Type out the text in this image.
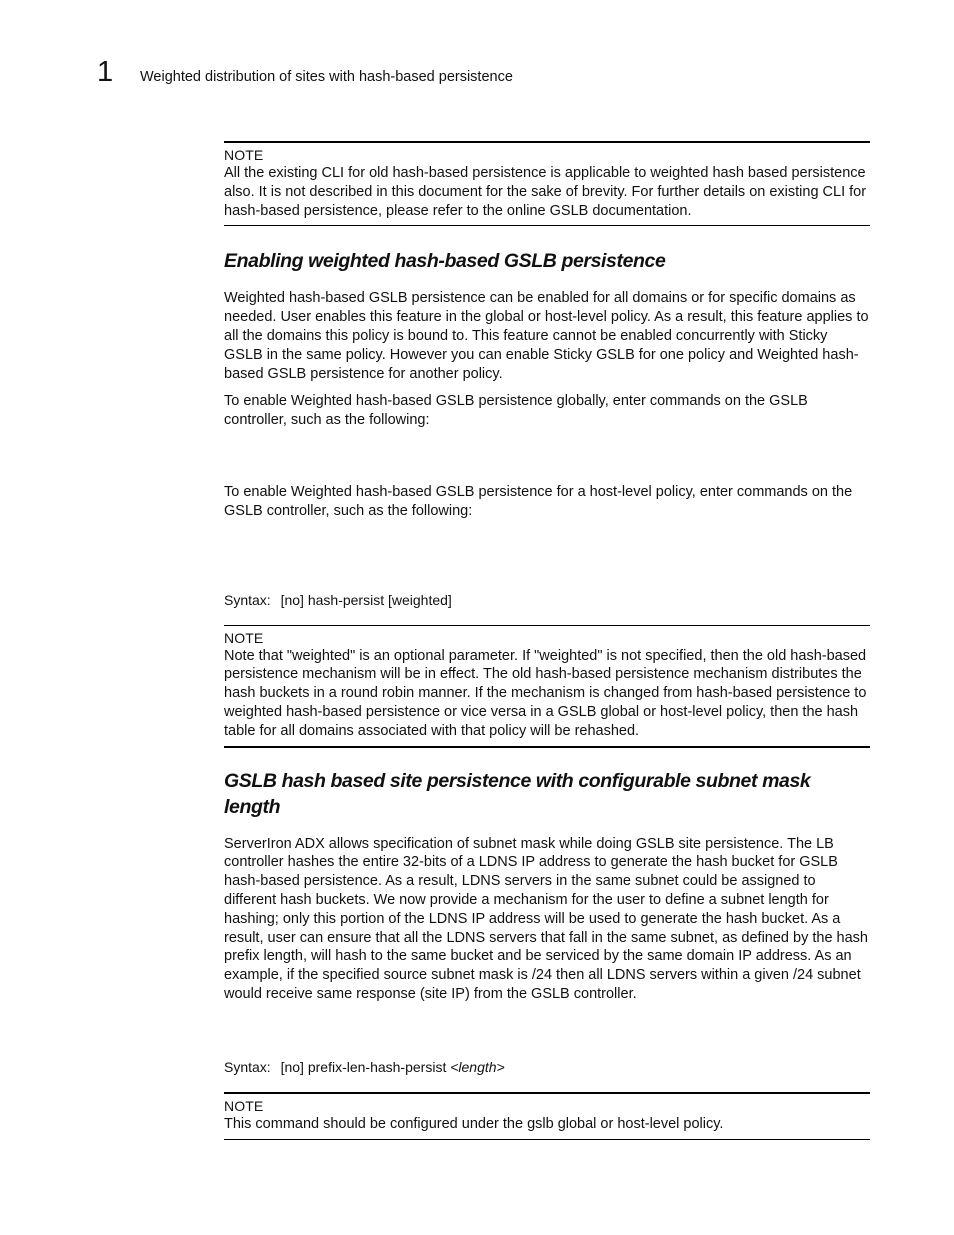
1	Weighted distribution of sites with hash-based persistence
NOTE

All the existing CLI for old hash-based persistence is applicable to weighted hash based persistence also. It is not described in this document for the sake of brevity. For further details on existing CLI for hash-based persistence, please refer to the online GSLB documentation.

Enabling weighted hash-based GSLB persistence

Weighted hash-based GSLB persistence can be enabled for all domains or for specific domains as needed. User enables this feature in the global or host-level policy. As a result, this feature applies to all the domains this policy is bound to. This feature cannot be enabled concurrently with Sticky GSLB in the same policy. However you can enable Sticky GSLB for one policy and Weighted hash-based GSLB persistence for another policy.

To enable Weighted hash-based GSLB persistence globally, enter commands on the GSLB controller, such as the following:

To enable Weighted hash-based GSLB persistence for a host-level policy, enter commands on the GSLB controller, such as the following:

Syntax: [no] hash-persist [weighted]
NOTE

Note that "weighted" is an optional parameter. If "weighted" is not specified, then the old hash-based persistence mechanism will be in effect. The old hash-based persistence mechanism distributes the hash buckets in a round robin manner. If the mechanism is changed from hash-based persistence to weighted hash-based persistence or vice versa in a GSLB global or host-level policy, then the hash table for all domains associated with that policy will be rehashed.

GSLB hash based site persistence with configurable subnet mask length

ServerIron ADX allows specification of subnet mask while doing GSLB site persistence. The LB controller hashes the entire 32-bits of a LDNS IP address to generate the hash bucket for GSLB hash-based persistence. As a result, LDNS servers in the same subnet could be assigned to different hash buckets. We now provide a mechanism for the user to define a subnet length for hashing; only this portion of the LDNS IP address will be used to generate the hash bucket. As a result, user can ensure that all the LDNS servers that fall in the same subnet, as defined by the hash prefix length, will hash to the same bucket and be serviced by the same domain IP address. As an example, if the specified source subnet mask is /24 then all LDNS servers within a given /24 subnet would receive same response (site IP) from the GSLB controller.

Syntax: [no] prefix-len-hash-persist <length>
NOTE

This command should be configured under the gslb global or host-level policy.
